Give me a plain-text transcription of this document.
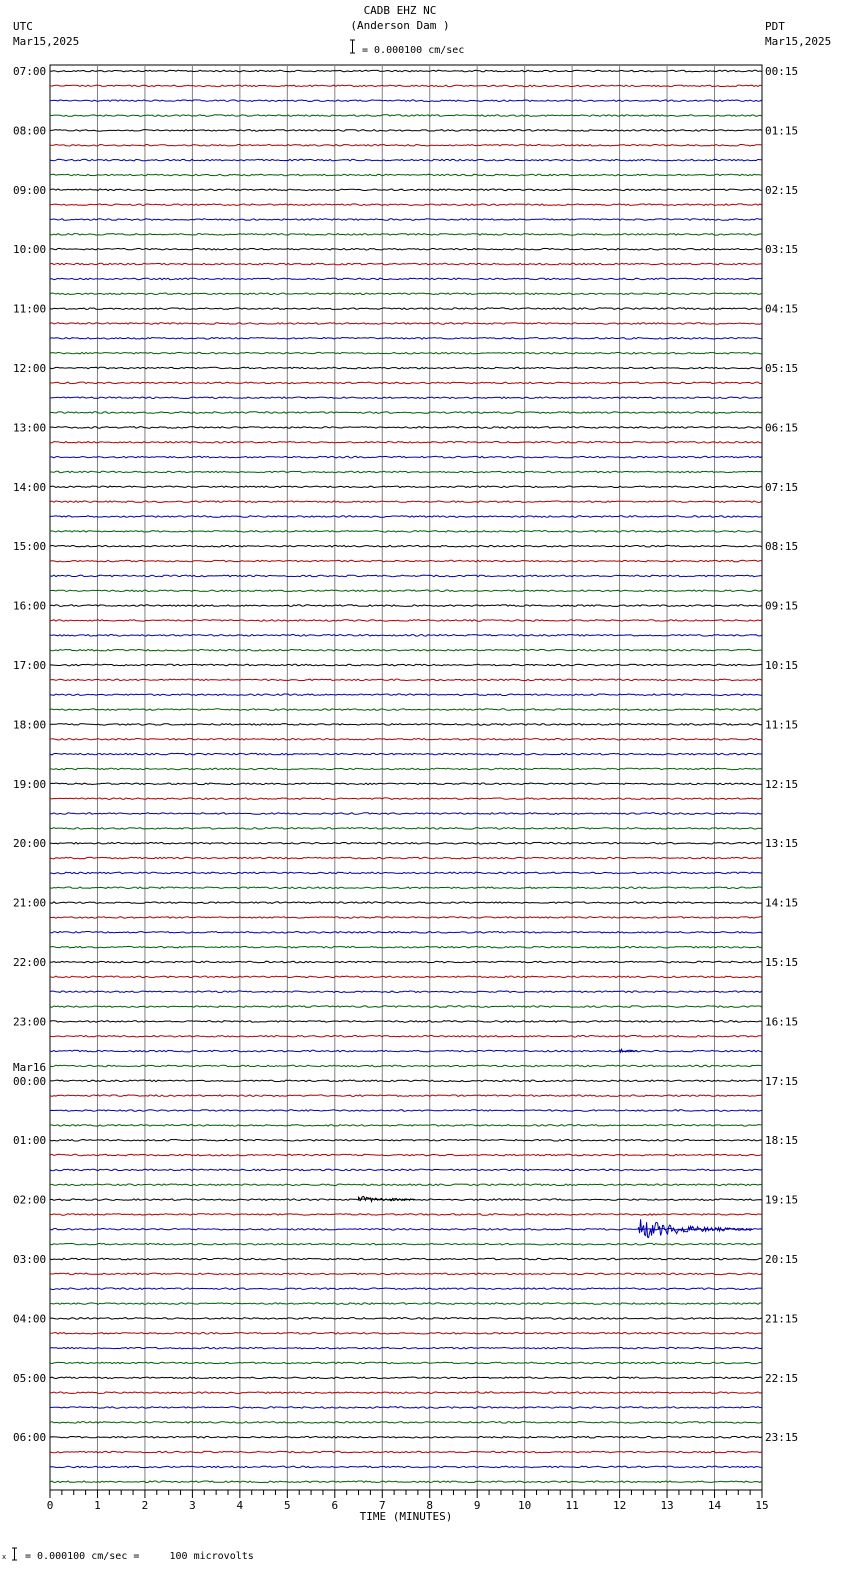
CADB EHZ NC
(Anderson Dam )
UTC
Mar15,2025
PDT
Mar15,2025
= 0.000100 cm/sec
= 0.000100 cm/sec =     100 microvolts
x
0	1	2	3	4	5	6	7	8	9	10	11	12	13	14	15
TIME (MINUTES)
07:00
08:00
09:00
10:00
11:00
12:00
13:00
14:00
15:00
16:00
17:00
18:00
19:00
20:00
21:00
22:00
23:00
Mar16
00:00
01:00
02:00
03:00
04:00
05:00
06:00
00:15
01:15
02:15
03:15
04:15
05:15
06:15
07:15
08:15
09:15
10:15
11:15
12:15
13:15
14:15
15:15
16:15
17:15
18:15
19:15
20:15
21:15
22:15
23:15
